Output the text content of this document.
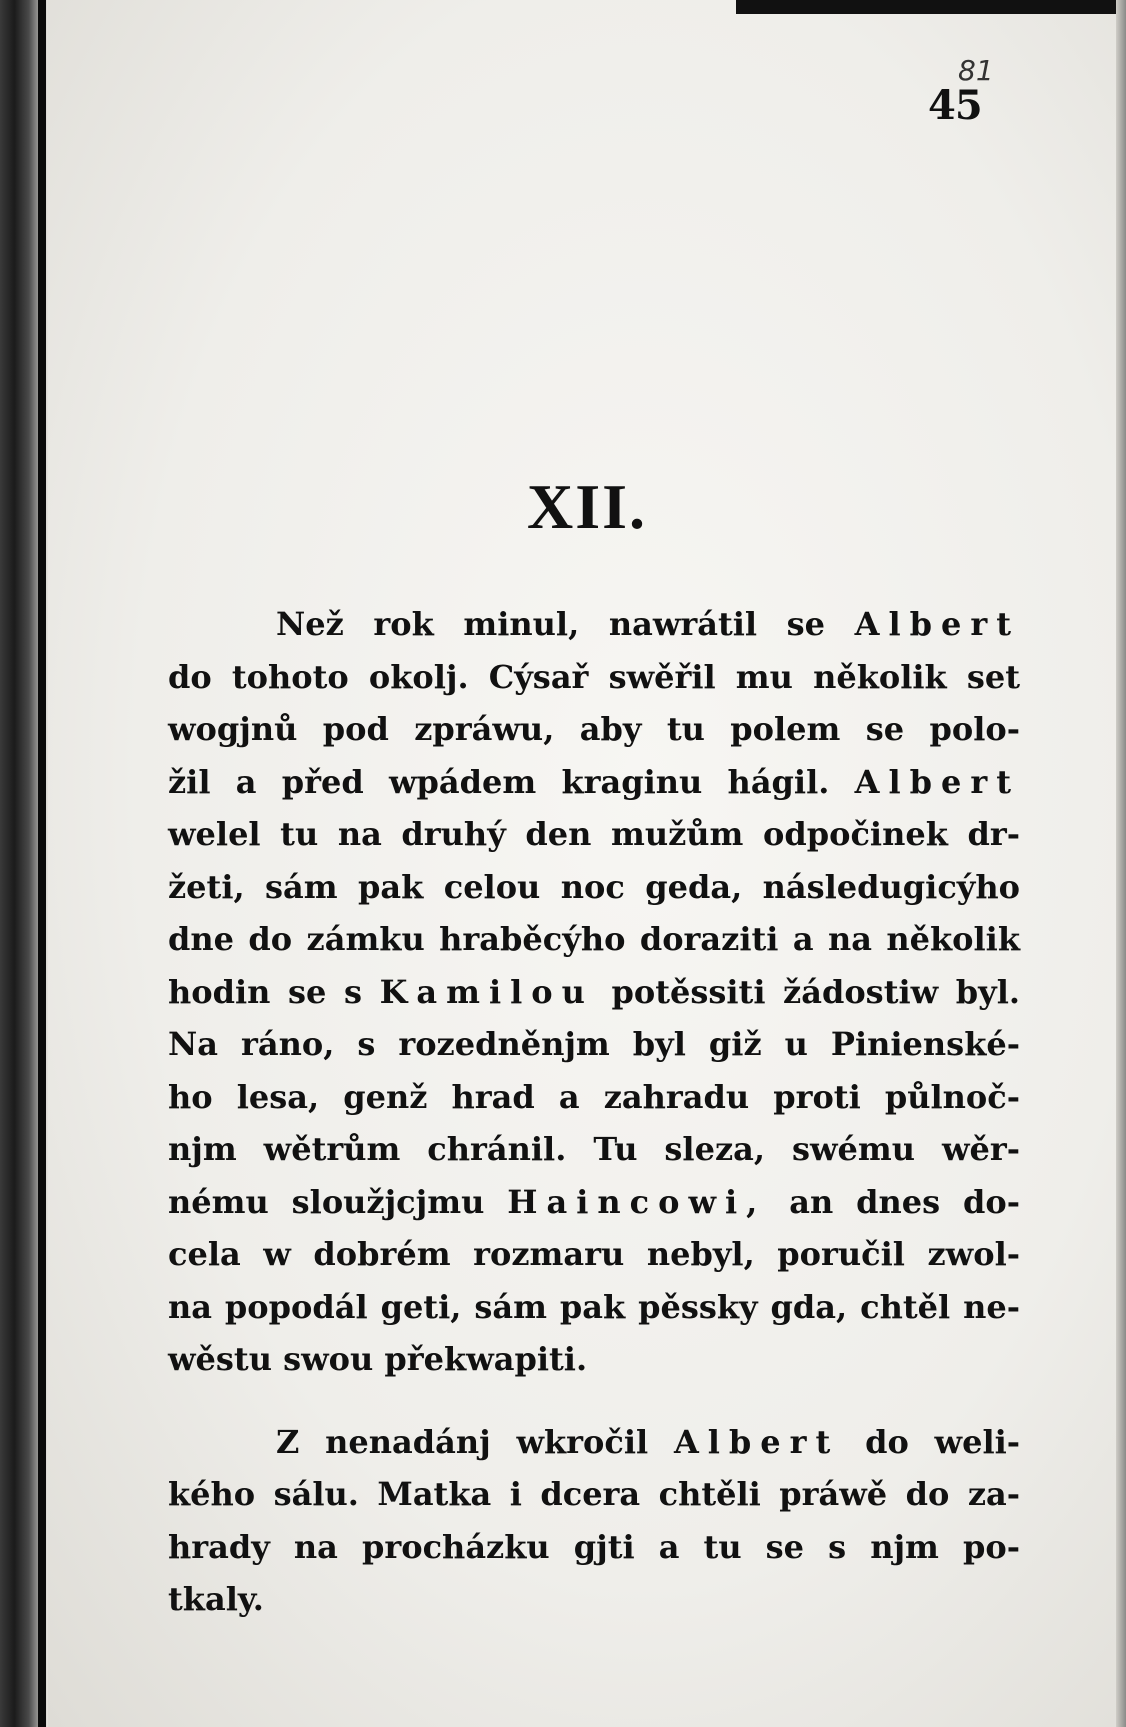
81
45
XII.
Než rok minul, nawrátil se Albert
do tohoto okolj. Cýsař swěřil mu několik set
wogjnů pod zpráwu, aby tu polem se polo-
žil a před wpádem kraginu hágil. Albert
welel tu na druhý den mužům odpočinek dr-
žeti, sám pak celou noc geda, následugicýho
dne do zámku hraběcýho doraziti a na několik
hodin se s Kamilou potěssiti žádostiw byl.
Na ráno, s rozedněnjm byl giž u Pinienské-
ho lesa, genž hrad a zahradu proti půlnoč-
njm wětrům chránil. Tu sleza, swému wěr-
nému sloužjcjmu Haincowi, an dnes do-
cela w dobrém rozmaru nebyl, poručil zwol-
na popodál geti, sám pak pěssky gda, chtěl ne-
wěstu swou překwapiti.
Z nenadánj wkročil Albert do weli-
kého sálu. Matka i dcera chtěli práwě do za-
hrady na procházku gjti a tu se s njm po-
tkaly.
